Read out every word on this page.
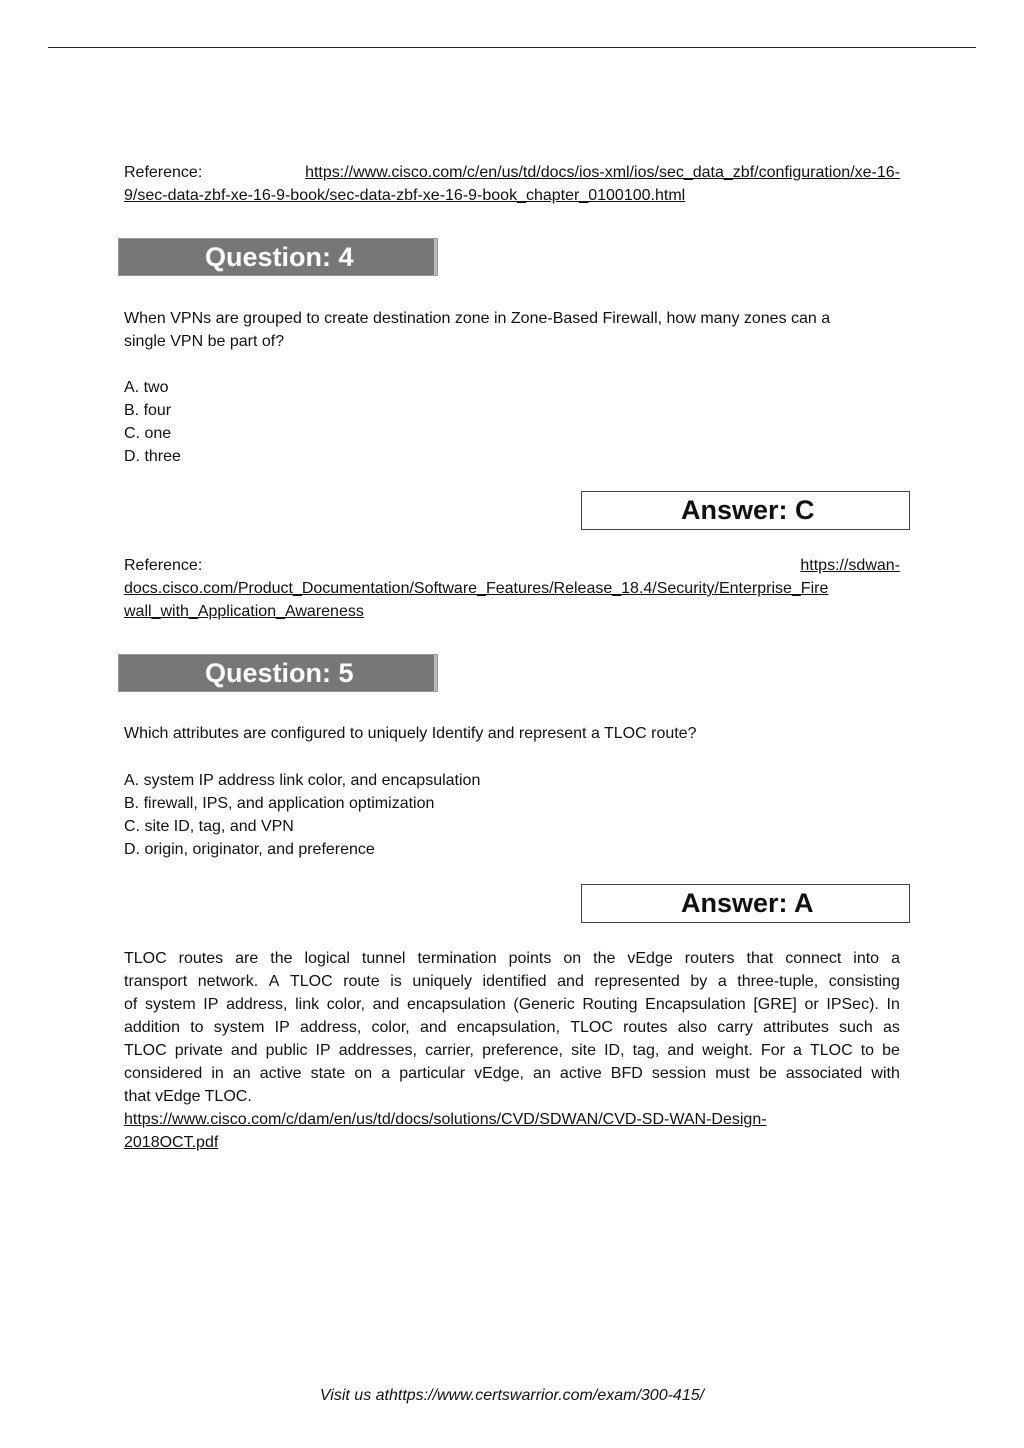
Reference:	https://www.cisco.com/c/en/us/td/docs/ios-xml/ios/sec_data_zbf/configuration/xe-16-
9/sec-data-zbf-xe-16-9-book/sec-data-zbf-xe-16-9-book_chapter_0100100.html
Question: 4
When VPNs are grouped to create destination zone in Zone-Based Firewall, how many zones can a
single VPN be part of?
A. two
B. four
C. one
D. three
Answer: C
Reference:	https://sdwan-
docs.cisco.com/Product_Documentation/Software_Features/Release_18.4/Security/Enterprise_Fire
wall_with_Application_Awareness
Question: 5
Which attributes are configured to uniquely Identify and represent a TLOC route?
A. system IP address link color, and encapsulation
B. firewall, IPS, and application optimization
C. site ID, tag, and VPN
D. origin, originator, and preference
Answer: A
TLOC routes are the logical tunnel termination points on the vEdge routers that connect into a
transport network. A TLOC route is uniquely identified and represented by a three-tuple, consisting
of system IP address, link color, and encapsulation (Generic Routing Encapsulation [GRE] or IPSec). In
addition to system IP address, color, and encapsulation, TLOC routes also carry attributes such as
TLOC private and public IP addresses, carrier, preference, site ID, tag, and weight. For a TLOC to be
considered in an active state on a particular vEdge, an active BFD session must be associated with
that vEdge TLOC.
https://www.cisco.com/c/dam/en/us/td/docs/solutions/CVD/SDWAN/CVD-SD-WAN-Design-
2018OCT.pdf
Visit us athttps://www.certswarrior.com/exam/300-415/
